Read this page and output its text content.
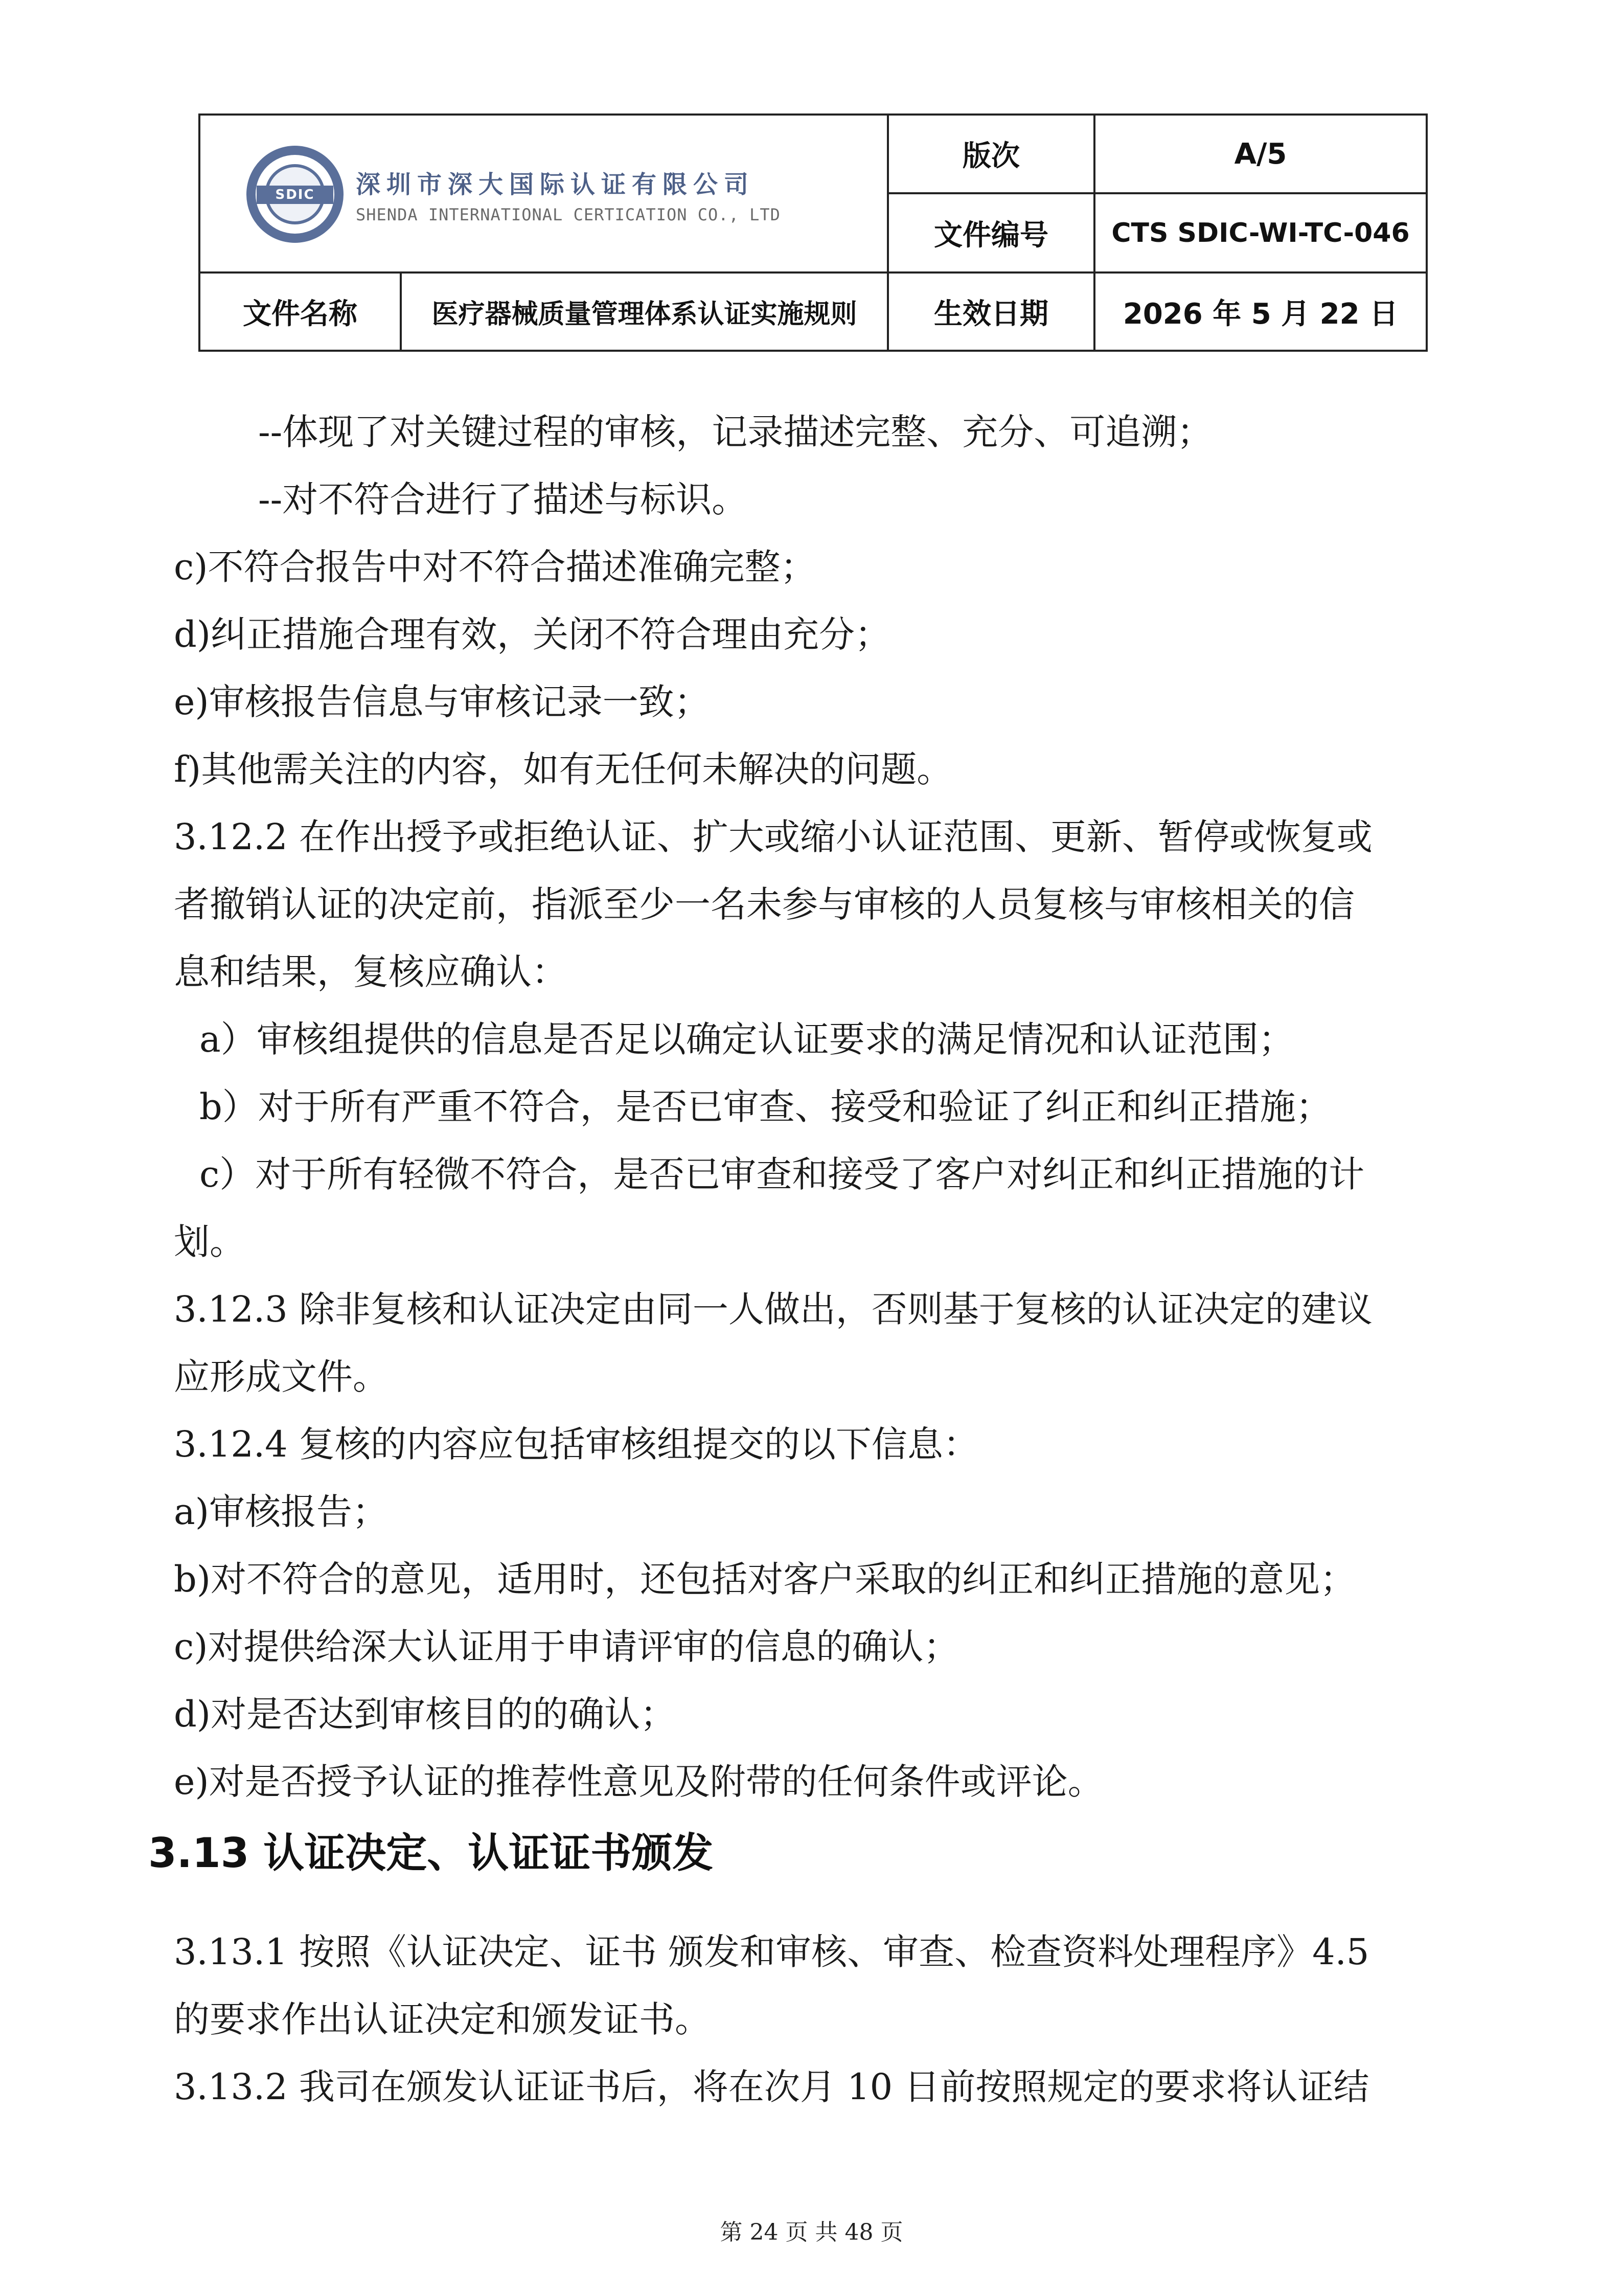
SDIC	深圳市深大国际认证有限公司
SHENDA INTERNATIONAL CERTICATION CO., LTD
版次	A/5
文件编号	CTS SDIC-WI-TC-046
文件名称	医疗器械质量管理体系认证实施规则	生效日期	2026 年 5 月 22 日
--体现了对关键过程的审核，记录描述完整、充分、可追溯；
--对不符合进行了描述与标识。
c)不符合报告中对不符合描述准确完整；
d)纠正措施合理有效，关闭不符合理由充分；
e)审核报告信息与审核记录一致；
f)其他需关注的内容，如有无任何未解决的问题。
3.12.2 在作出授予或拒绝认证、扩大或缩小认证范围、更新、暂停或恢复或
者撤销认证的决定前，指派至少一名未参与审核的人员复核与审核相关的信
息和结果，复核应确认：
a）审核组提供的信息是否足以确定认证要求的满足情况和认证范围；
b）对于所有严重不符合，是否已审查、接受和验证了纠正和纠正措施；
c）对于所有轻微不符合，是否已审查和接受了客户对纠正和纠正措施的计
划。
3.12.3 除非复核和认证决定由同一人做出，否则基于复核的认证决定的建议
应形成文件。
3.12.4 复核的内容应包括审核组提交的以下信息：
a)审核报告；
b)对不符合的意见，适用时，还包括对客户采取的纠正和纠正措施的意见；
c)对提供给深大认证用于申请评审的信息的确认；
d)对是否达到审核目的的确认；
e)对是否授予认证的推荐性意见及附带的任何条件或评论。
3.13 认证决定、认证证书颁发
3.13.1 按照《认证决定、证书 颁发和审核、审查、检查资料处理程序》4.5
的要求作出认证决定和颁发证书。
3.13.2 我司在颁发认证证书后，将在次月 10 日前按照规定的要求将认证结
第 24 页 共 48 页
